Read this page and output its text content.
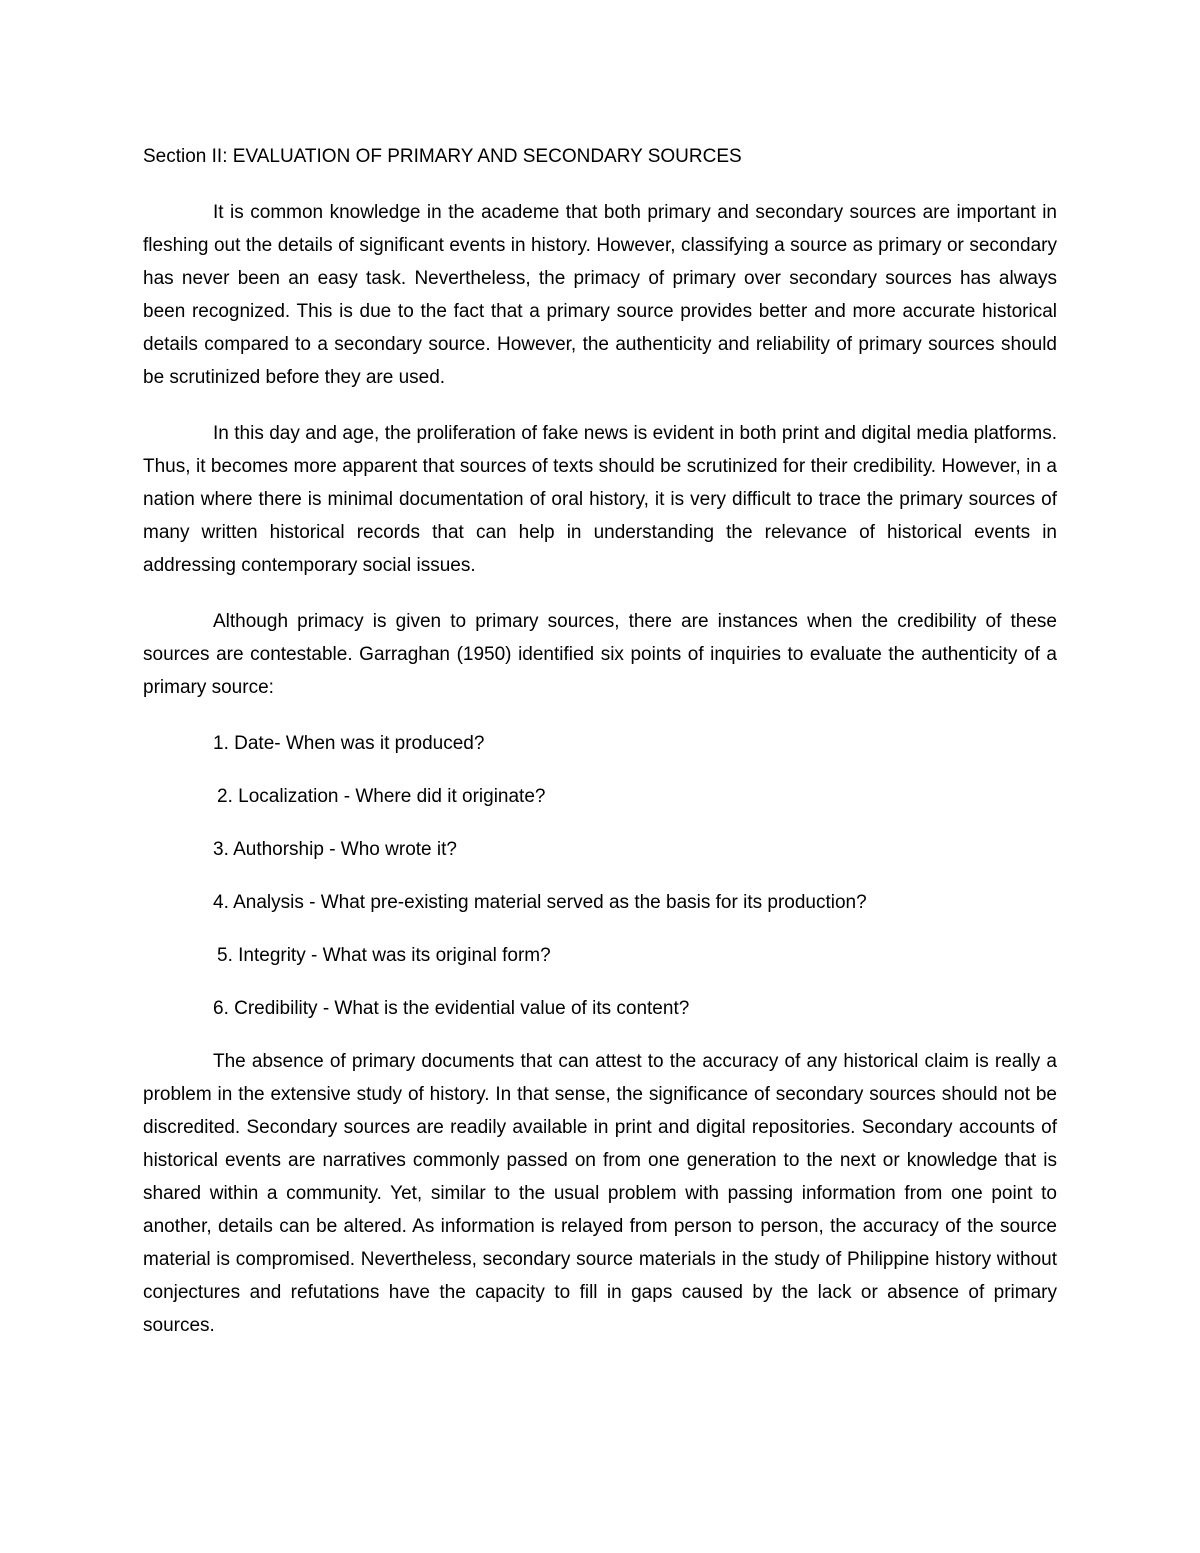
Section II: EVALUATION OF PRIMARY AND SECONDARY SOURCES

It is common knowledge in the academe that both primary and secondary sources are important in fleshing out the details of significant events in history. However, classifying a source as primary or secondary has never been an easy task. Nevertheless, the primacy of primary over secondary sources has always been recognized. This is due to the fact that a primary source provides better and more accurate historical details compared to a secondary source. However, the authenticity and reliability of primary sources should be scrutinized before they are used.

In this day and age, the proliferation of fake news is evident in both print and digital media platforms. Thus, it becomes more apparent that sources of texts should be scrutinized for their credibility. However, in a nation where there is minimal documentation of oral history, it is very difficult to trace the primary sources of many written historical records that can help in understanding the relevance of historical events in addressing contemporary social issues.

Although primacy is given to primary sources, there are instances when the credibility of these sources are contestable. Garraghan (1950) identified six points of inquiries to evaluate the authenticity of a primary source:

1. Date- When was it produced?
2. Localization - Where did it originate?
3. Authorship - Who wrote it?
4. Analysis - What pre-existing material served as the basis for its production?
5. Integrity - What was its original form?
6. Credibility - What is the evidential value of its content?

The absence of primary documents that can attest to the accuracy of any historical claim is really a problem in the extensive study of history. In that sense, the significance of secondary sources should not be discredited. Secondary sources are readily available in print and digital repositories. Secondary accounts of historical events are narratives commonly passed on from one generation to the next or knowledge that is shared within a community. Yet, similar to the usual problem with passing information from one point to another, details can be altered. As information is relayed from person to person, the accuracy of the source material is compromised. Nevertheless, secondary source materials in the study of Philippine history without conjectures and refutations have the capacity to fill in gaps caused by the lack or absence of primary sources.
